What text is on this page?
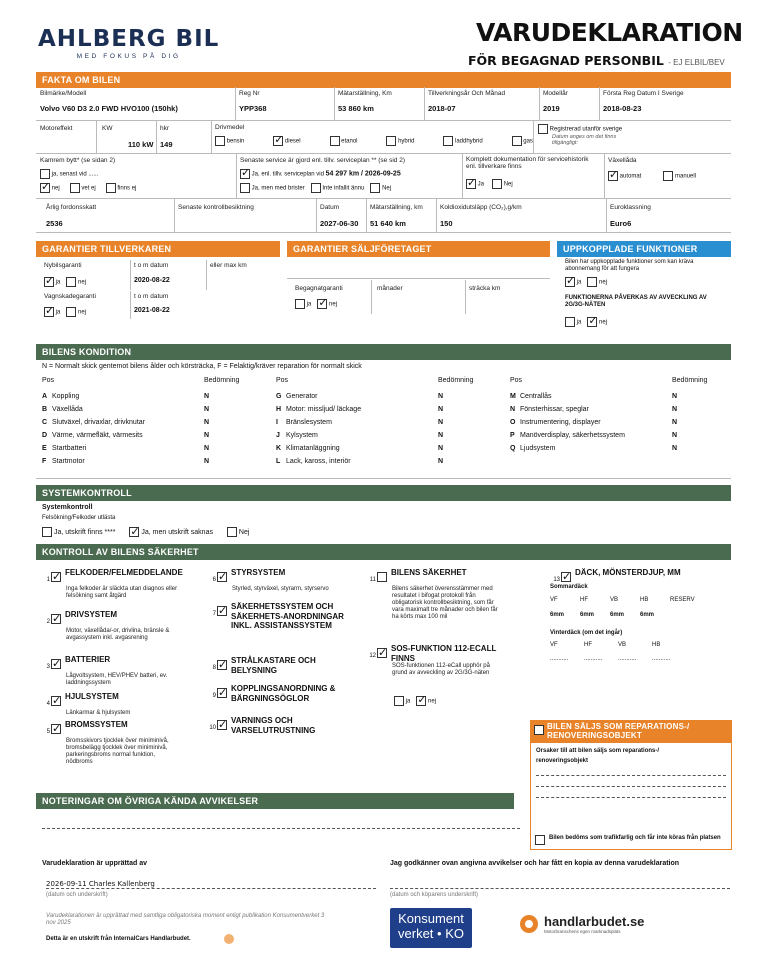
AHLBERG BIL
MED FOKUS PÅ DIG
VARUDEKLARATION
FÖR BEGAGNAD PERSONBIL - EJ ELBIL/BEV
FAKTA OM BILEN
Bilmärke/Modell
Volvo V60 D3 2.0 FWD HVO100 (150hk)
Reg Nr
YPP368
Mätarställning, Km
53 860 km
Tillverkningsår Och Månad
2018-07
Modellår
2019
Första Reg Datum I Sverige
2018-08-23
Motoreffekt	KW
110 kW
hkr
149
Drivmedel
bensin ✓	diesel	etanol	hybrid	laddhybrid	gas
Registrerad utanför sverige
Datum anges om det finns tillgängligt:
Kamrem bytt* (se sidan 2)
ja, senast vid ......
✓ nej	vet ej	finns ej
Senaste service är gjord enl. tillv. serviceplan ** (se sid 2)
✓ Ja, enl. tillv. serviceplan vid 54 297 km / 2026-09-25
Ja, men med brister	Inte infallit ännu	Nej
Komplett dokumentation för servicehistorik enl. tillverkare finns
✓ Ja	Nej
Växellåda
✓ automat	manuell
Årlig fordonsskatt
2536
Senaste kontrollbesiktning	Datum
2027-06-30
Mätarställning, km
51 640 km
Koldioxidutsläpp (CO₂),g/km
150
Euroklassning
Euro6
GARANTIER TILLVERKAREN
Nybilsgaranti	t o m datum	eller max km
✓ ja	nej	2020-08-22
Vagnskadegaranti	t o m datum
✓ ja	nej	2021-08-22
GARANTIER SÄLJFÖRETAGET
Begagnatgaranti	månader	sträcka km
ja ✓	nej
UPPKOPPLADE FUNKTIONER
Bilen har uppkopplade funktioner som kan kräva abonnemang för att fungera
✓ ja	nej
FUNKTIONERNA PÅVERKAS AV AVVECKLING AV 2G/3G-NÄTEN
ja ✓	nej
BILENS KONDITION
N = Normalt skick gentemot bilens ålder och körsträcka, F = Felaktig/kräver reparation för normalt skick
Pos	Bedömning	Pos	Bedömning	Pos	Bedömning
A Koppling	N
B Växellåda	N
C Slutväxel, drivaxlar, drivknutar	N
D Värme, värmefläkt, värmesits	N
E Startbatteri	N
F Startmotor	N
G Generator	N
H Motor: missljud/ läckage	N
I Bränslesystem	N
J Kylsystem	N
K Klimatanläggning	N
L Lack, kaross, interiör	N
M Centrallås	N
N Fönsterhissar, speglar	N
O Instrumentering, displayer	N
P Manöverdisplay, säkerhetssystem	N
Q Ljudsystem	N
SYSTEMKONTROLL
Systemkontroll
Felsökning/Felkoder utlästa
Ja, utskrift finns **** ✓	Ja, men utskrift saknas	Nej
KONTROLL AV BILENS SÄKERHET
1✓FELKODER/FELMEDDELANDE
Inga felkoder är släckta utan diagnos eller felsökning samt åtgärd
2✓DRIVSYSTEM
Motor, växellåda/-or, drivlina, bränsle & avgassystem inkl. avgasrening
3✓BATTERIER
Lågvoltsystem, HEV/PHEV batteri, ev. laddningssystem
4✓HJULSYSTEM
Länkarmar & hjulsystem
5✓BROMSSYSTEM
Bromsskivors tjocklek över miniminivå, bromsbelägg tjocklek över miniminivå, parkeringsbroms normal funktion, nödbroms
6✓STYRSYSTEM
Styrled, styrväxel, styrarm, styrservo
7✓SÄKERHETSSYSTEM OCH SÄKERHETS-ANORDNINGAR INKL. ASSISTANSSYSTEM
8✓STRÅLKASTARE OCH BELYSNING
9✓KOPPLINGSANORDNING & BÄRGNINGSÖGLOR
10✓VARNINGS OCH VARSELUTRUSTNING
11BILENS SÄKERHET
Bilens säkerhet överensstämmer med resultatet i bifogat protokoll från obligatorisk kontrollbesiktning, som får vara maximalt tre månader och bilen får ha körts max 100 mil
12✓SOS-FUNKTION 112-ECALL FINNS
SOS-funktionen 112-eCall upphör på grund av avveckling av 2G/3G-näten
13✓DÄCK, MÖNSTERDJUP, MM
ja ✓	nej
Sommardäck
VF	HF	VB	HB	RESERV
6mm	6mm	6mm	6mm
Vinterdäck (om det ingår)
VF	HF	VB	HB
...........	...........	...........	...........
BILEN SÄLJS SOM REPARATIONS-/ RENOVERINGSOBJEKT
Orsaker till att bilen säljs som reparations-/ renoveringsobjekt
Bilen bedöms som trafikfarlig och får inte köras från platsen
NOTERINGAR OM ÖVRIGA KÄNDA AVVIKELSER
Varudeklaration är upprättad av
2026-09-11 Charles Kallenberg
(datum och underskrift)
Jag godkänner ovan angivna avvikelser och har fått en kopia av denna varudeklaration
(datum och köparens underskrift)
Varudeklarationen är upprättad med samtliga obligatoriska moment enligt publikation Konsumentverket 3 nov 2025
Detta är en utskrift från InternalCars Handlarbudet.
Konsument
verket • KO
handlarbudet.se
Motorbranschens egen marknadsplats
